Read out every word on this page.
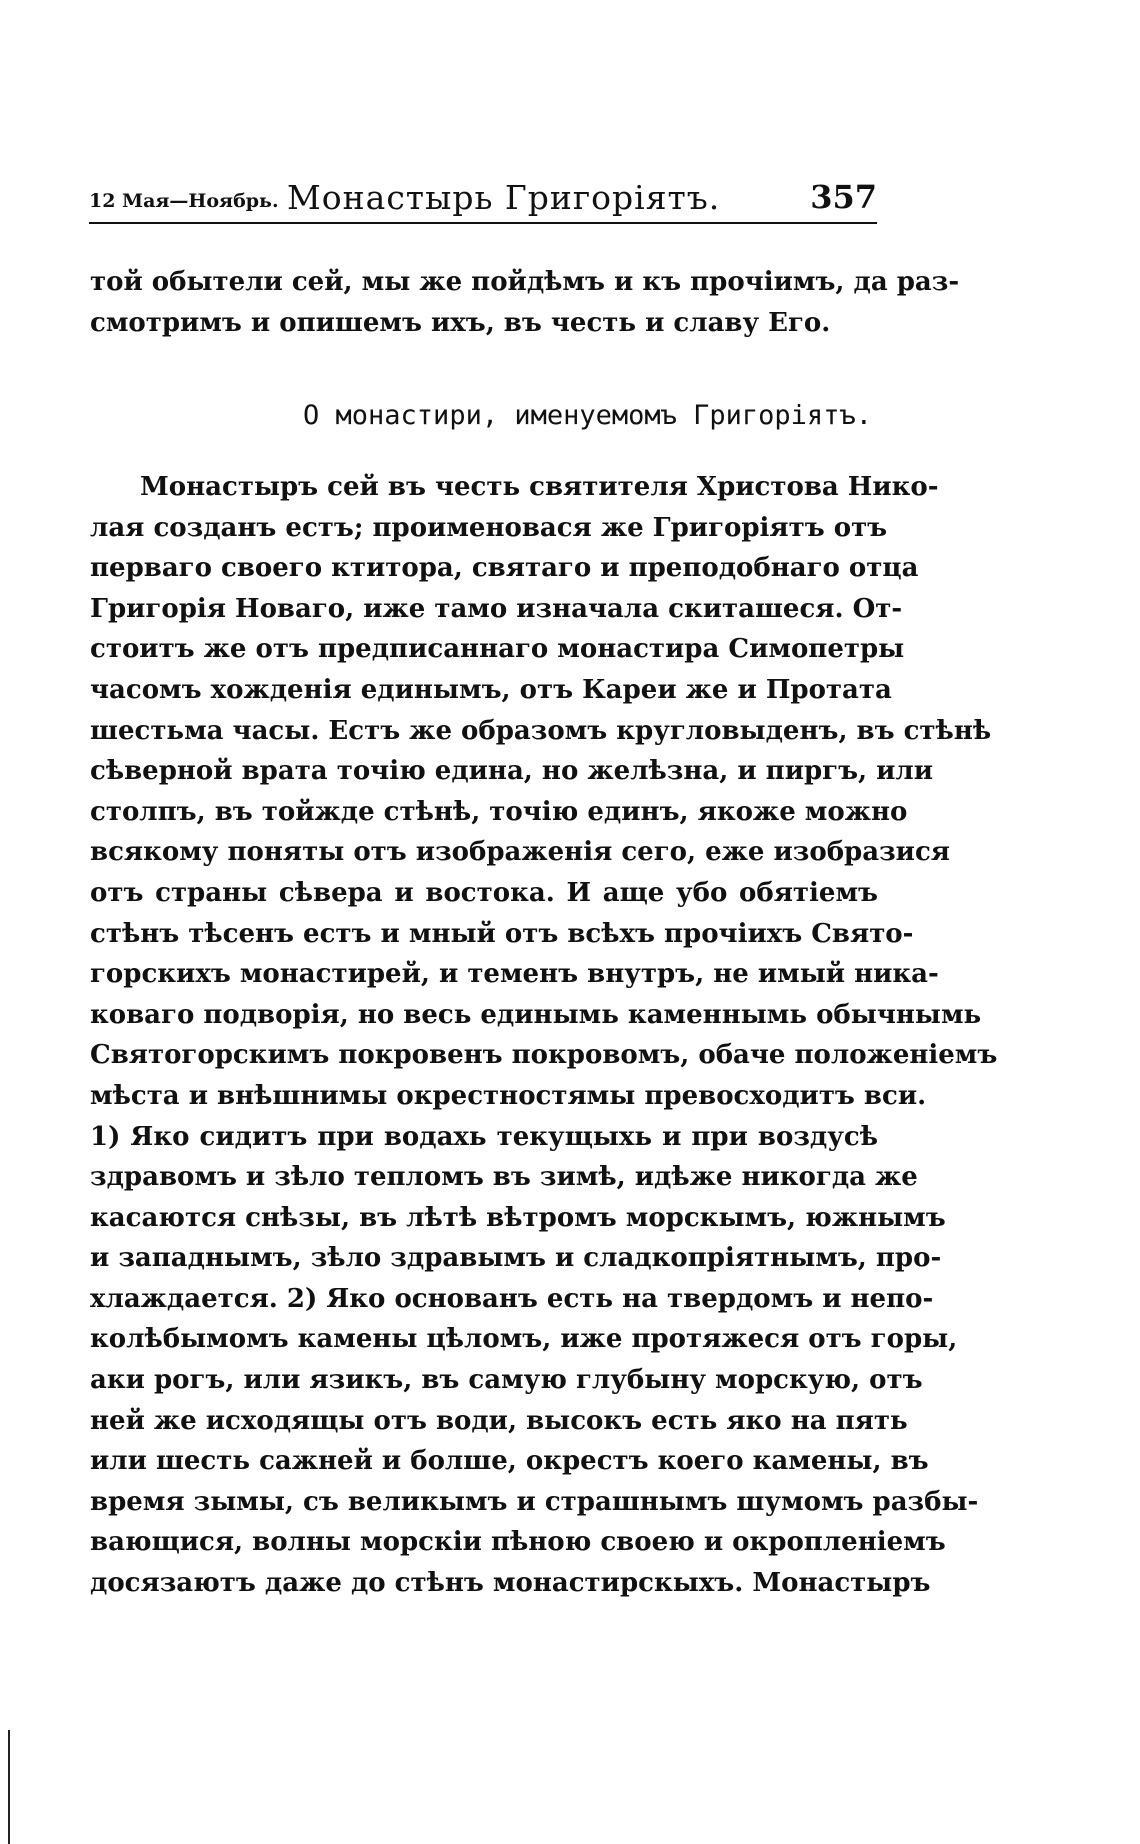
12 Мая—Ноябрь. Монастырь Григоріятъ.	357
той обытели сей, мы же пойдѣмъ и къ прочіимъ, да раз-
смотримъ и опишемъ ихъ, въ честь и славу Его.
О монастири, именуемомъ Григоріятъ.
Монастыръ сей въ честь святителя Христова Нико-
лая созданъ естъ; проименовася же Григоріятъ отъ
перваго своего ктитора, святаго и преподобнаго отца
Григорія Новаго, иже тамо изначала скиташеся. От-
стоитъ же отъ предписаннаго монастира Симопетры
часомъ хожденія единымъ, отъ Кареи же и Протата
шестьма часы. Естъ же образомъ кругловыденъ, въ стѣнѣ
сѣверной врата точію едина, но желѣзна, и пиргъ, или
столпъ, въ тойжде стѣнѣ, точію единъ, якоже можно
всякому поняты отъ изображенія сего, еже изобразися
отъ страны сѣвера и востока. И аще убо обятіемъ
стѣнъ тѣсенъ естъ и мный отъ всѣхъ прочіихъ Свято-
горскихъ монастирей, и теменъ внутръ, не имый ника-
коваго подворія, но весь единымь каменнымь обычнымь
Святогорскимъ покровенъ покровомъ, обаче положеніемъ
мѣста и внѣшнимы окрестностямы превосходитъ вси.
1) Яко сидитъ при водахь текущыхь и при воздусѣ
здравомъ и зѣло тепломъ въ зимѣ, идѣже никогда же
касаются снѣзы, въ лѣтѣ вѣтромъ морскымъ, южнымъ
и западнымъ, зѣло здравымъ и сладкопріятнымъ, про-
хлаждается. 2) Яко основанъ есть на твердомъ и непо-
колѣбымомъ камены цѣломъ, иже протяжеся отъ горы,
аки рогъ, или язикъ, въ самую глубыну морскую, отъ
ней же исходящы отъ води, высокъ есть яко на пять
или шесть сажней и болше, окрестъ коего камены, въ
время зымы, съ великымъ и страшнымъ шумомъ разбы-
вающися, волны морскіи пѣною своею и окропленіемъ
досязаютъ даже до стѣнъ монастирскыхъ. Монастыръ
